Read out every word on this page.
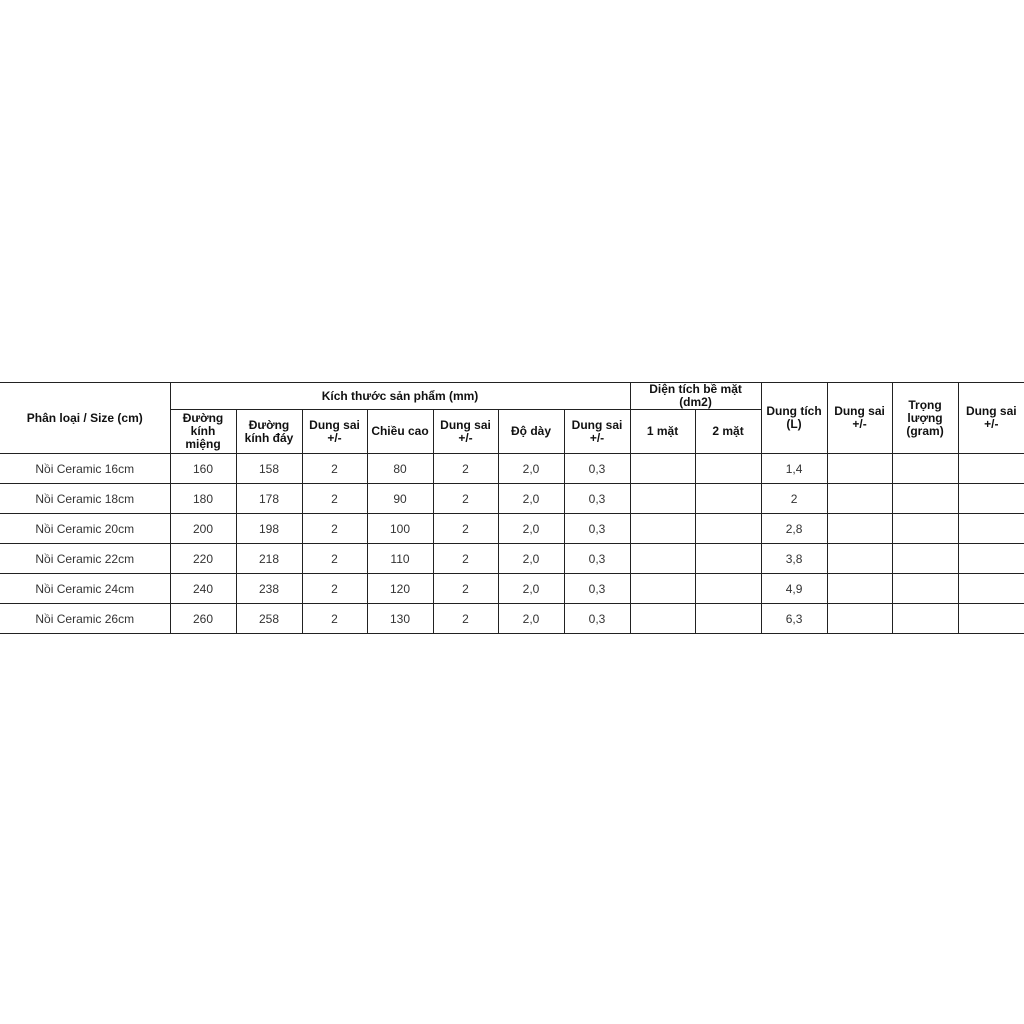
Phân loại / Size (cm)	Kích thước sản phẩm (mm)							Diện tích bề mặt (dm2)		Dung tích (L)	Dung sai +/-	Trọng lượng (gram)	Dung sai +/-
	Đường kính miệng	Đường kính đáy	Dung sai +/-	Chiều cao	Dung sai +/-	Độ dày	Dung sai +/-	1 mặt	2 mặt				
Nồi Ceramic 16cm	160	158	2	80	2	2,0	0,3			1,4			
Nồi Ceramic 18cm	180	178	2	90	2	2,0	0,3			2			
Nồi Ceramic 20cm	200	198	2	100	2	2,0	0,3			2,8			
Nồi Ceramic 22cm	220	218	2	110	2	2,0	0,3			3,8			
Nồi Ceramic 24cm	240	238	2	120	2	2,0	0,3			4,9			
Nồi Ceramic 26cm	260	258	2	130	2	2,0	0,3			6,3			
